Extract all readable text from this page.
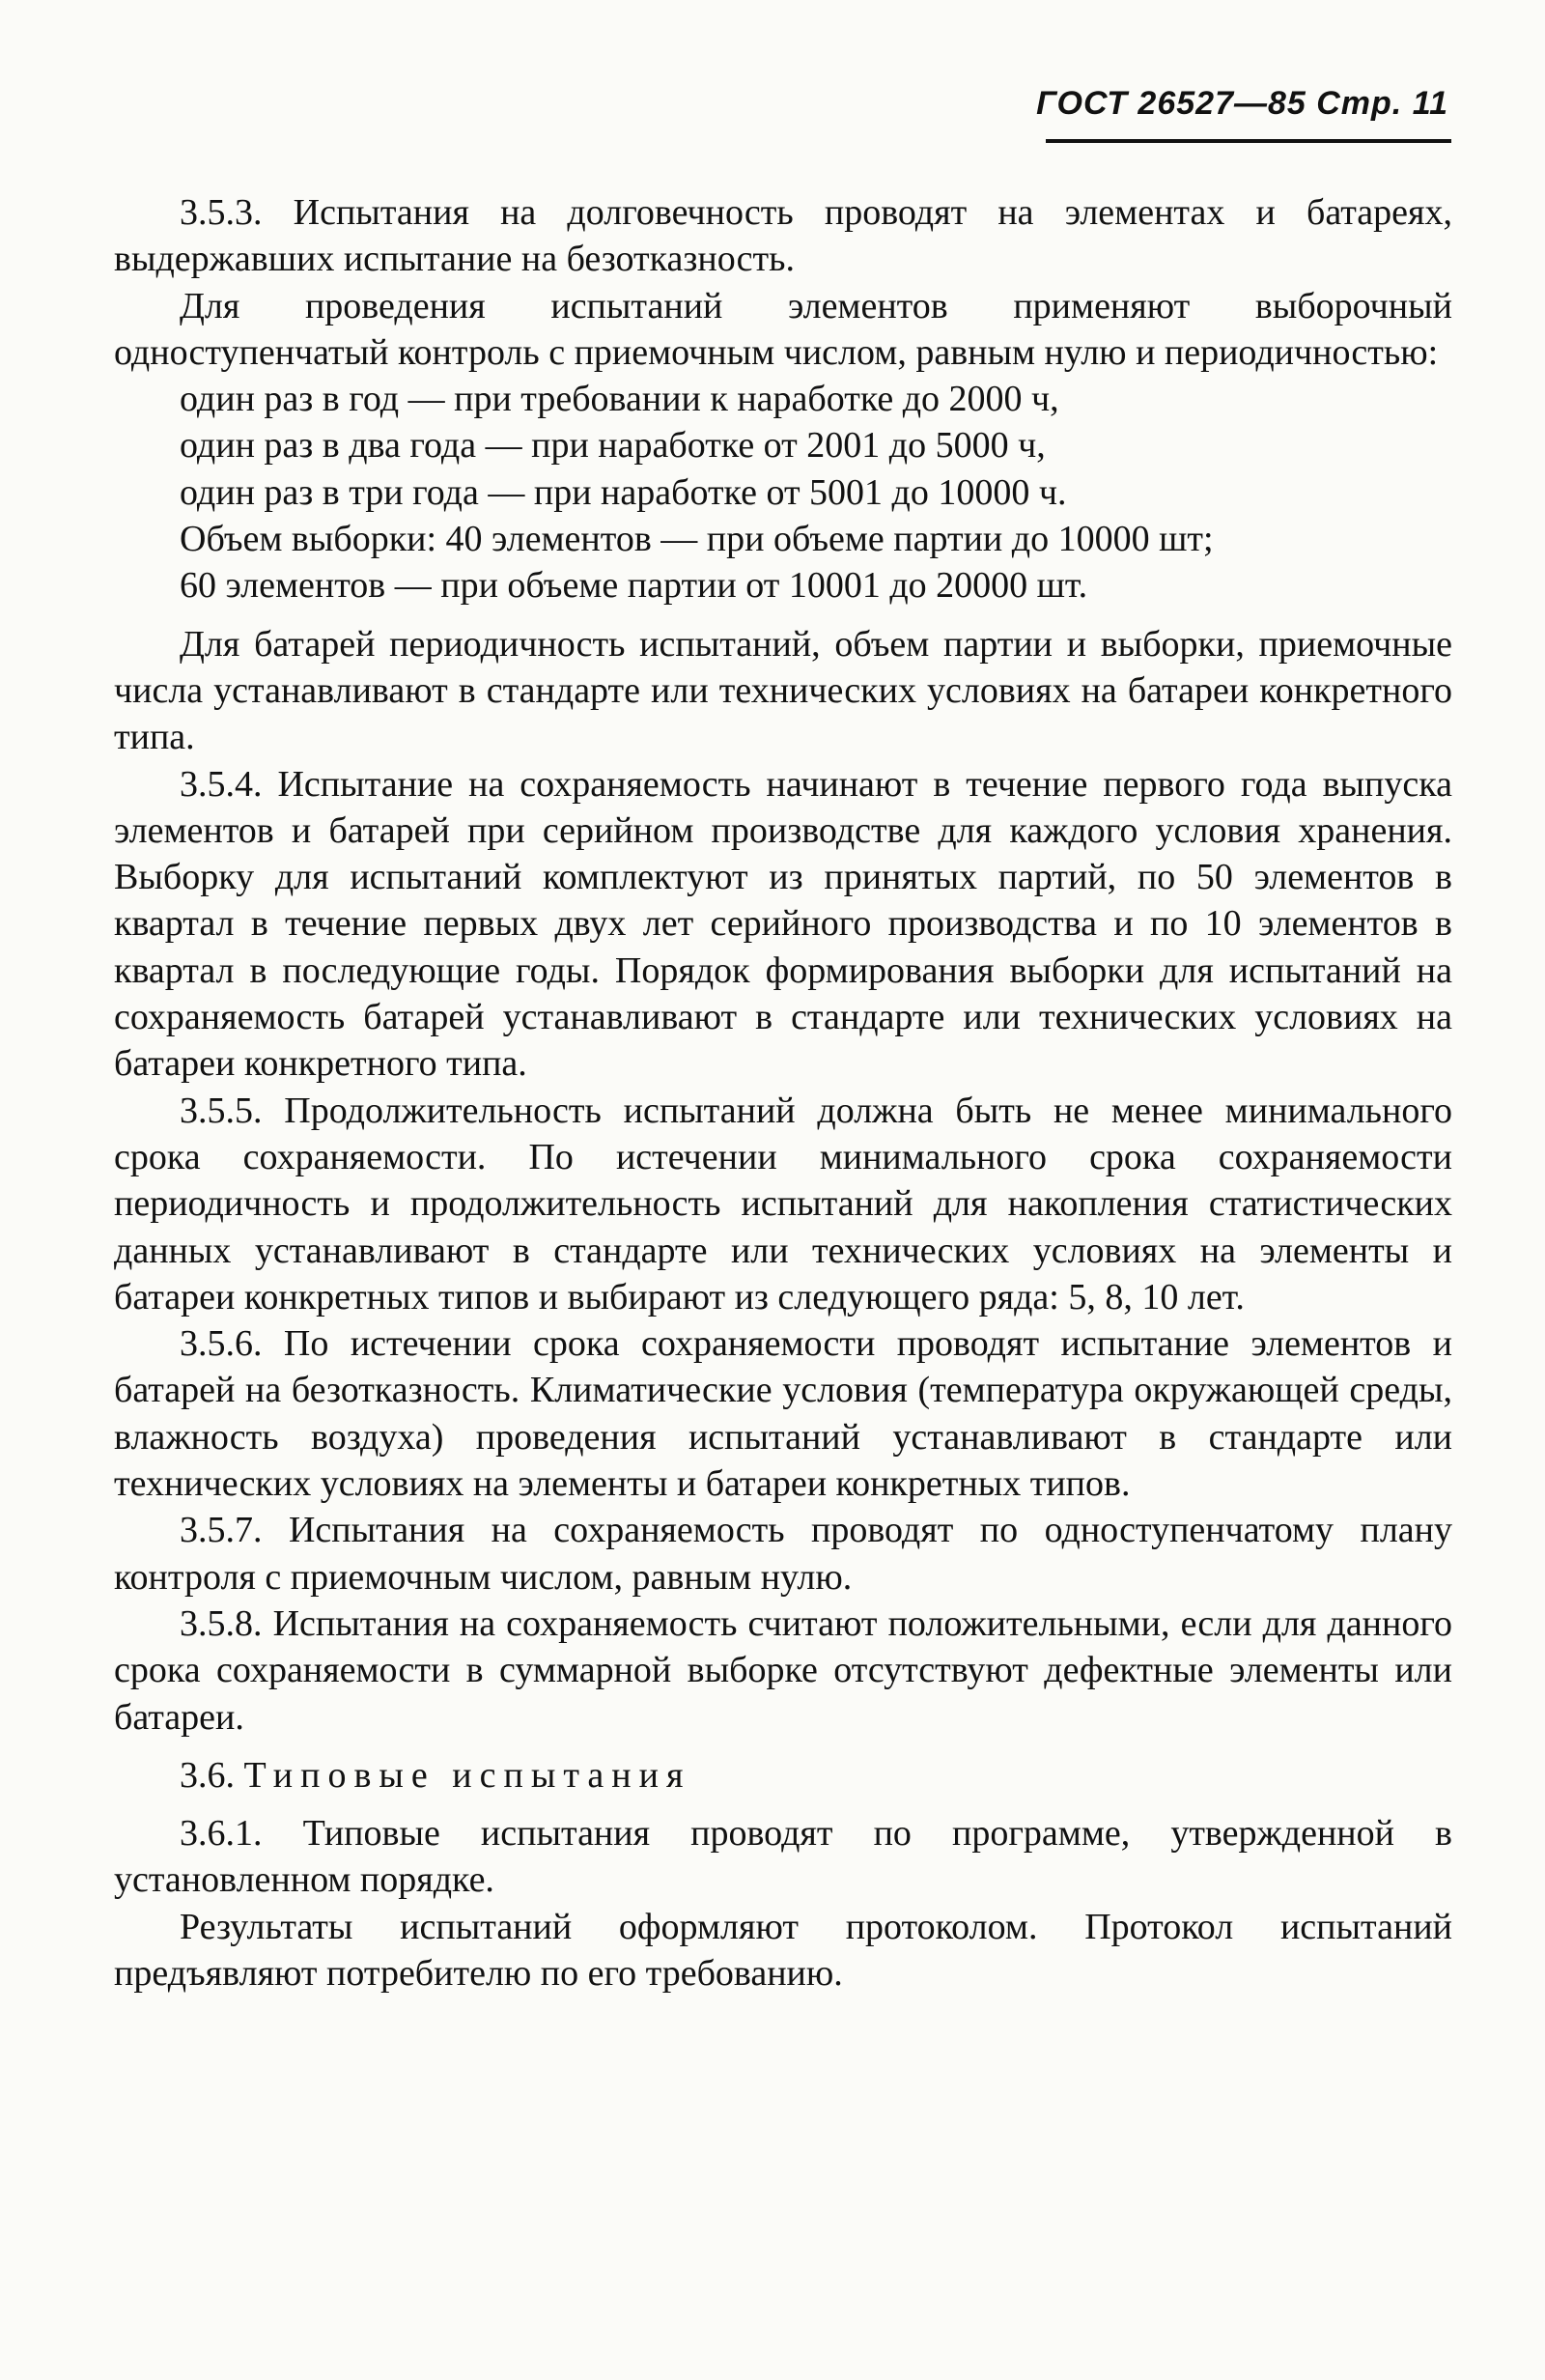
ГОСТ 26527—85 Стр. 11

3.5.3. Испытания на долговечность проводят на элементах и батареях, выдержавших испытание на безотказность.

Для проведения испытаний элементов применяют выборочный одноступенчатый контроль с приемочным числом, равным нулю и периодичностью:

один раз в год — при требовании к наработке до 2000 ч,
один раз в два года — при наработке от 2001 до 5000 ч,
один раз в три года — при наработке от 5001 до 10000 ч.

Объем выборки: 40 элементов — при объеме партии до 10000 шт;

60 элементов — при объеме партии от 10001 до 20000 шт.

Для батарей периодичность испытаний, объем партии и выборки, приемочные числа устанавливают в стандарте или технических условиях на батареи конкретного типа.

3.5.4. Испытание на сохраняемость начинают в течение первого года выпуска элементов и батарей при серийном производстве для каждого условия хранения. Выборку для испытаний комплектуют из принятых партий, по 50 элементов в квартал в течение первых двух лет серийного производства и по 10 элементов в квартал в последующие годы. Порядок формирования выборки для испытаний на сохраняемость батарей устанавливают в стандарте или технических условиях на батареи конкретного типа.

3.5.5. Продолжительность испытаний должна быть не менее минимального срока сохраняемости. По истечении минимального срока сохраняемости периодичность и продолжительность испытаний для накопления статистических данных устанавливают в стандарте или технических условиях на элементы и батареи конкретных типов и выбирают из следующего ряда: 5, 8, 10 лет.

3.5.6. По истечении срока сохраняемости проводят испытание элементов и батарей на безотказность. Климатические условия (температура окружающей среды, влажность воздуха) проведения испытаний устанавливают в стандарте или технических условиях на элементы и батареи конкретных типов.

3.5.7. Испытания на сохраняемость проводят по одноступенчатому плану контроля с приемочным числом, равным нулю.

3.5.8. Испытания на сохраняемость считают положительными, если для данного срока сохраняемости в суммарной выборке отсутствуют дефектные элементы или батареи.

3.6. Типовые испытания

3.6.1. Типовые испытания проводят по программе, утвержденной в установленном порядке.

Результаты испытаний оформляют протоколом. Протокол испытаний предъявляют потребителю по его требованию.
